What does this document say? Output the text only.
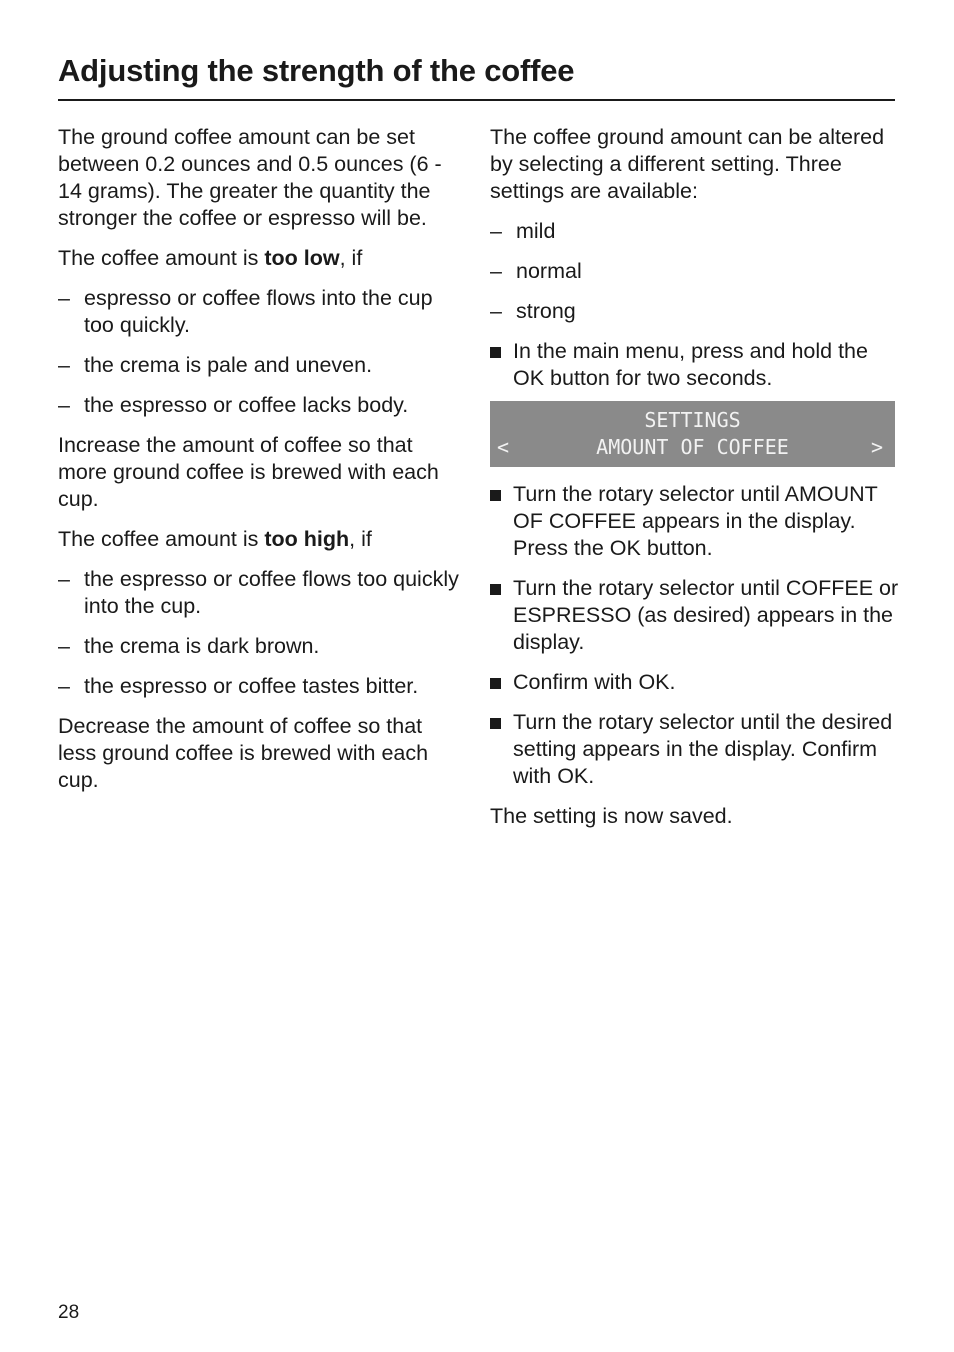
Adjusting the strength of the coffee

The ground coffee amount can be set between 0.2 ounces and 0.5 ounces (6 - 14 grams). The greater the quantity the stronger the coffee or espresso will be.

The coffee amount is too low, if

– espresso or coffee flows into the cup too quickly.
– the crema is pale and uneven.
– the espresso or coffee lacks body.

Increase the amount of coffee so that more ground coffee is brewed with each cup.

The coffee amount is too high, if

– the espresso or coffee flows too quickly into the cup.
– the crema is dark brown.
– the espresso or coffee tastes bitter.

Decrease the amount of coffee so that less ground coffee is brewed with each cup.

The coffee ground amount can be altered by selecting a different setting. Three settings are available:

– mild
– normal
– strong
In the main menu, press and hold the OK button for two seconds.
SETTINGS
<	AMOUNT OF COFFEE	>
Turn the rotary selector until AMOUNT OF COFFEE appears in the display. Press the OK button.
Turn the rotary selector until COFFEE or ESPRESSO (as desired) appears in the display.
Confirm with OK.
Turn the rotary selector until the desired setting appears in the display. Confirm with OK.

The setting is now saved.

28
